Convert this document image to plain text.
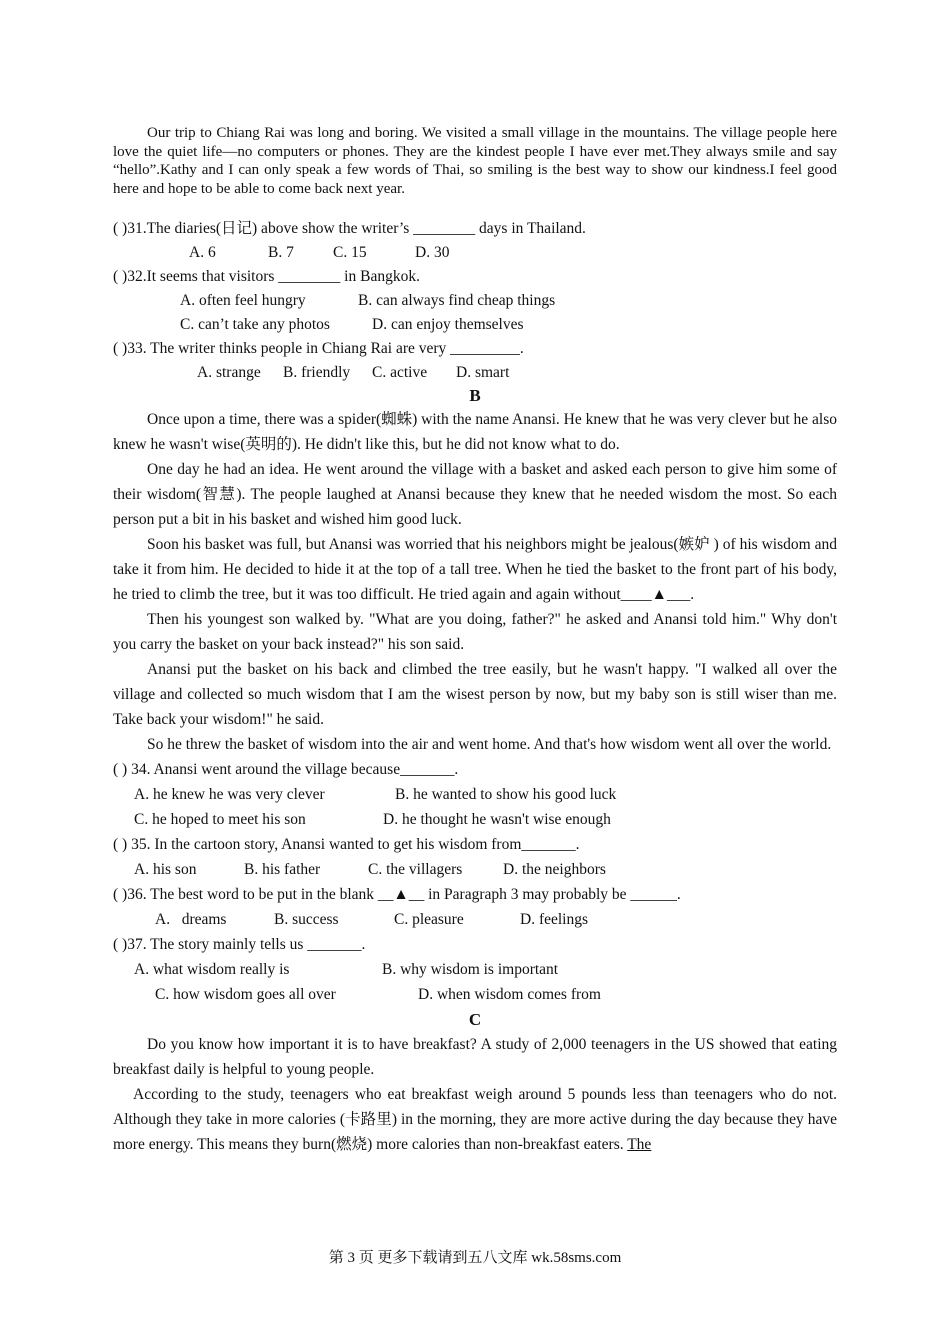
Our trip to Chiang Rai was long and boring. We visited a small village in the mountains. The village people here love the quiet life—no computers or phones. They are the kindest people I have ever met.They always smile and say “hello”.Kathy and I can only speak a few words of Thai, so smiling is the best way to show our kindness.I feel good here and hope to be able to come back next year.

( )31.The diaries(日记) above show the writer’s ________ days in Thailand.

A. 6	B. 7	C. 15	D. 30

( )32.It seems that visitors ________ in Bangkok.

A. often feel hungry	B. can always find cheap things
C. can’t take any photos	D. can enjoy themselves

( )33. The writer thinks people in Chiang Rai are very _________.

A. strange B. friendly C. active D. smart

B

Once upon a time, there was a spider(蜘蛛) with the name Anansi. He knew that he was very clever but he also knew he wasn't wise(英明的). He didn't like this, but he did not know what to do.

One day he had an idea. He went around the village with a basket and asked each person to give him some of their wisdom(智慧). The people laughed at Anansi because they knew that he needed wisdom the most. So each person put a bit in his basket and wished him good luck.

Soon his basket was full, but Anansi was worried that his neighbors might be jealous(嫉妒 ) of his wisdom and take it from him. He decided to hide it at the top of a tall tree. When he tied the basket to the front part of his body, he tried to climb the tree, but it was too difficult. He tried again and again without____▲___.

Then his youngest son walked by. "What are you doing, father?" he asked and Anansi told him." Why don't you carry the basket on your back instead?" his son said.

Anansi put the basket on his back and climbed the tree easily, but he wasn't happy. "I walked all over the village and collected so much wisdom that I am the wisest person by now, but my baby son is still wiser than me. Take back your wisdom!" he said.

So he threw the basket of wisdom into the air and went home. And that's how wisdom went all over the world.

( ) 34. Anansi went around the village because_______.

A. he knew he was very clever	B. he wanted to show his good luck
C. he hoped to meet his son	D. he thought he wasn't wise enough

( ) 35. In the cartoon story, Anansi wanted to get his wisdom from_______.

A. his son	B. his father	C. the villagers	D. the neighbors

( )36. The best word to be put in the blank __▲__ in Paragraph 3 may probably be ______.

A.   dreams	B. success	C. pleasure	D. feelings

( )37. The story mainly tells us _______.

A. what wisdom really is	B. why wisdom is important
C. how wisdom goes all over	D. when wisdom comes from

C

Do you know how important it is to have breakfast? A study of 2,000 teenagers in the US showed that eating breakfast daily is helpful to young people.

According to the study, teenagers who eat breakfast weigh around 5 pounds less than teenagers who do not. Although they take in more calories (卡路里) in the morning, they are more active during the day because they have more energy. This means they burn(燃烧) more calories than non-breakfast eaters. The

第 3 页 更多下载请到五八文库 wk.58sms.com
